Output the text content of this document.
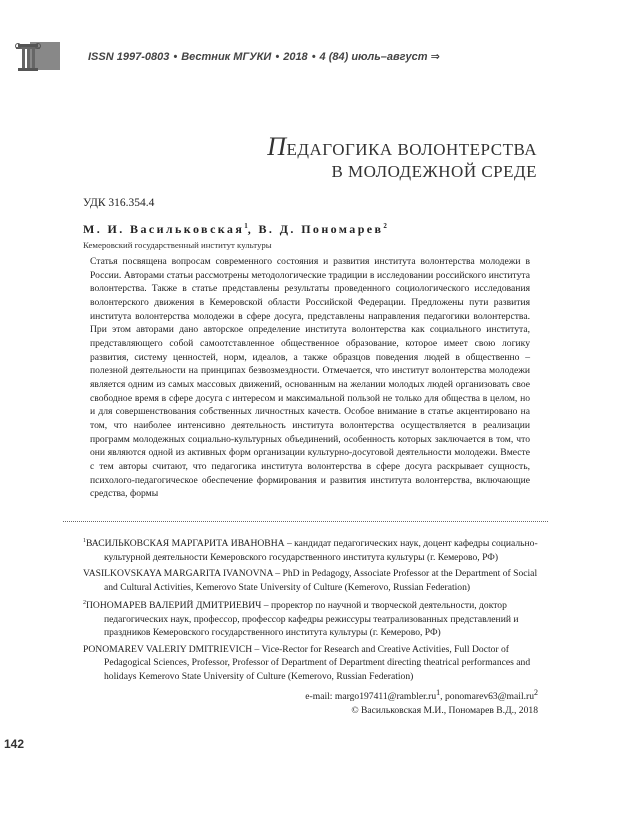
ISSN 1997-0803 • Вестник МГУКИ • 2018 • 4 (84) июль–август ⇒
ПЕДАГОГИКА ВОЛОНТЕРСТВА
В МОЛОДЕЖНОЙ СРЕДЕ
УДК 316.354.4
М. И. Васильковская$^1$, В. Д. Пономарев$^2$
Кемеровский государственный институт культуры

Статья посвящена вопросам современного состояния и развития института волонтерства молодежи в России. Авторами статьи рассмотрены методологические традиции в исследовании российского института волонтерства. Также в статье представлены результаты проведенного социологического исследования волонтерского движения в Кемеровской области Российской Федерации. Предложены пути развития института волонтерства молодежи в сфере досуга, представлены направления педагогики волонтерства. При этом авторами дано авторское определение института волонтерства как социального института, представляющего собой самоотставленное общественное образование, которое имеет свою логику развития, систему ценностей, норм, идеалов, а также образцов поведения людей в общественно – полезной деятельности на принципах безвозмездности. Отмечается, что институт волонтерства молодежи является одним из самых массовых движений, основанным на желании молодых людей организовать свое свободное время в сфере досуга с интересом и максимальной пользой не только для общества в целом, но и для совершенствования собственных личностных качеств. Особое внимание в статье акцентировано на том, что наиболее интенсивно деятельность института волонтерства осуществляется в реализации программ молодежных социально-культурных объединений, особенность которых заключается в том, что они являются одной из активных форм организации культурно-досуговой деятельности молодежи. Вместе с тем авторы считают, что педагогика института волонтерства в сфере досуга раскрывает сущность, психолого-педагогическое обеспечение формирования и развития института волонтерства, включающие средства, формы

$^1$ВАСИЛЬКОВСКАЯ МАРГАРИТА ИВАНОВНА – кандидат педагогических наук, доцент кафедры социально-культурной деятельности Кемеровского государственного института культуры (г. Кемерово, РФ)

VASILKOVSKAYA MARGARITA IVANOVNA – PhD in Pedagogy, Associate Professor at the Department of Social and Cultural Activities, Kemerovo State University of Culture (Kemerovo, Russian Federation)

$^2$ПОНОМАРЕВ ВАЛЕРИЙ ДМИТРИЕВИЧ – проректор по научной и творческой деятельности, доктор педагогических наук, профессор, профессор кафедры режиссуры театрализованных представлений и праздников Кемеровского государственного института культуры (г. Кемерово, РФ)

PONOMAREV VALERIY DMITRIEVICH – Vice-Rector for Research and Creative Activities, Full Doctor of Pedagogical Sciences, Professor, Professor of Department of Department directing theatrical performances and holidays Kemerovo State University of Culture (Kemerovo, Russian Federation)

e-mail: $margo197411@rambler.ru^1$, $ponomarev63@mail.ru^2$
© Васильковская М.И., Пономарев В.Д., 2018
142
